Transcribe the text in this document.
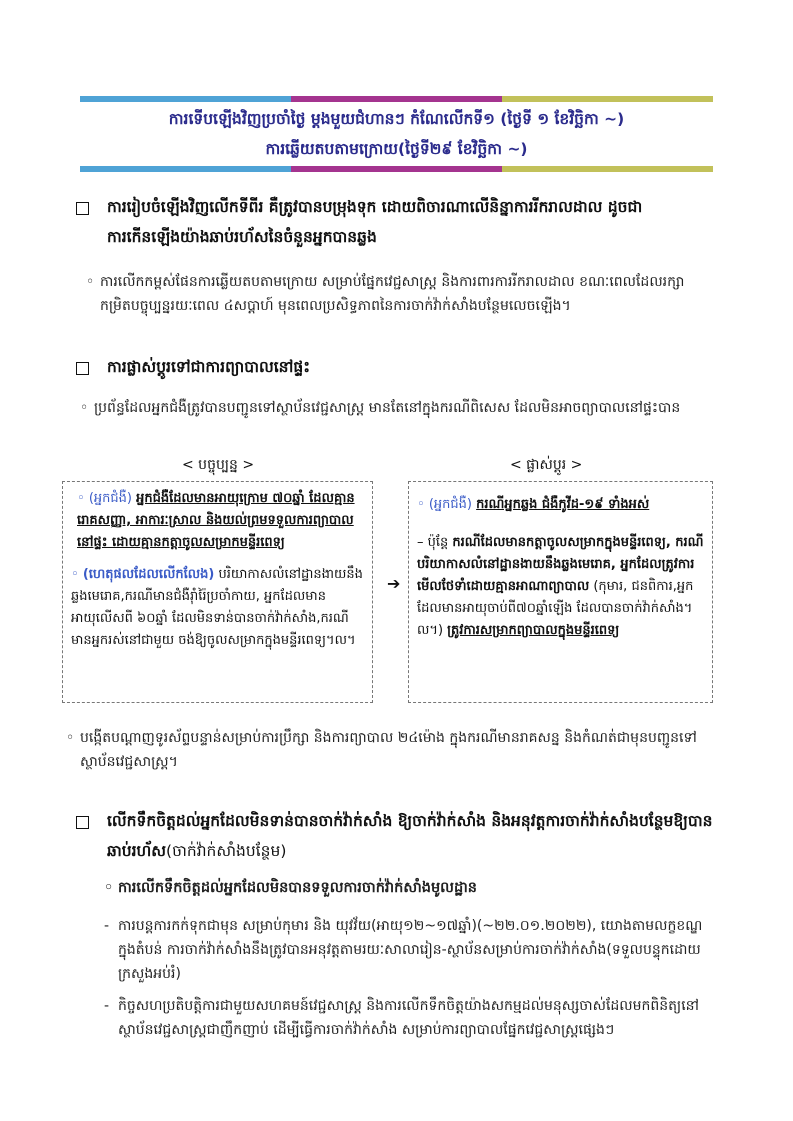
ការទេីបឡេីងវិញប្រចាំថ្ងៃ ម្ដងមួយជំហានៗ កំណែលេីកទី១ (ថ្ងៃទី ១ ខែវិច្ឆិកា ~)
ការឆ្លេីយតបតាមក្រោយ(ថ្ងៃទី២៩ ខែវិច្ឆិកា ~)
ការរៀបចំឡេីងវិញលេីកទីពីរ គឺត្រូវបានបម្រុងទុក ដោយពិចារណាលេីនិន្នាការរីករាលដាល ដូចជាការកេីនឡេីងយ៉ាងឆាប់រហ័សនៃចំនួនអ្នកបានឆ្លង
◦ ការលេីកកម្ពស់ផែនការឆ្លេីយតបតាមក្រោយ សម្រាប់ផ្នែកវេជ្ជសាស្ត្រ និងការពារការរីករាលដាល ខណៈពេលដែលរក្សាកម្រិតបច្ចុប្បន្នរយៈពេល ៤សប្ដាហ៍ មុនពេលប្រសិទ្ធភាពនៃការចាក់វ៉ាក់សាំងបន្ថែមលេចឡេីង។
ការផ្លាស់ប្ដូរទៅជាការព្យាបាលនៅផ្ទះ
◦ ប្រព័ន្ធដែលអ្នកជំងឺត្រូវបានបញ្ជូនទៅស្ថាប័នវេជ្ជសាស្ត្រ មានតែនៅក្នុងករណីពិសេស ដែលមិនអាចព្យាបាលនៅផ្ទះបាន
< បច្ចុប្បន្ន >	< ផ្លាស់ប្ដូរ >
◦ (អ្នកជំងឺ) អ្នកជំងឺដែលមានអាយុក្រោម ៧០ឆ្នាំ ដែលគ្មានរោគសញ្ញា, អាការៈស្រាល និងយល់ព្រមទទួលការព្យាបាលនៅផ្ទះ ដោយគ្មានកត្តាចូលសម្រាកមន្ទីរពេទ្យ
◦ (ហេតុផលដែលលើកលែង) បរិយាកាសលំនៅដ្ឋានងាយនឹងឆ្លងមេរោគ,ករណីមានជំងឺរ៉ាំរ៉ៃប្រចាំកាយ, អ្នកដែលមានអាយុលេីសពី ៦០ឆ្នាំ ដែលមិនទាន់បានចាក់វ៉ាក់សាំង,ករណីមានអ្នករស់នៅជាមួយ ចង់ឱ្យចូលសម្រាកក្នុងមន្ទីរពេទ្យ។ល។
➔
◦ (អ្នកជំងឺ) ករណីអ្នកឆ្លង ជំងឺកូវីដ-១៩ ទាំងអស់
– ប៉ុន្តែ ករណីដែលមានកត្តាចូលសម្រាកក្នុងមន្ទីរពេទ្យ, ករណីបរិយាកាសលំនៅដ្ឋានងាយនឹងឆ្លងមេរោគ, អ្នកដែលត្រូវការមេីលថែទាំដោយគ្មានអាណាព្យាបាល (កុមារ, ជនពិការ,អ្នកដែលមានអាយុចាប់ពី៧០ឆ្នាំឡេីង ដែលបានចាក់វ៉ាក់សាំង។ល។) ត្រូវការសម្រាកព្យាបាលក្នុងមន្ទីរពេទ្យ
◦ បង្កេីតបណ្ដាញទូរស័ព្ទបន្ទាន់សម្រាប់ការប្រឹក្សា និងការព្យាបាល ២៤ម៉ោង ក្នុងករណីមានរាគសន្ន និងកំណត់ជាមុនបញ្ជូនទៅស្ថាប័នវេជ្ជសាស្ត្រ។
លេីកទឹកចិត្តដល់អ្នកដែលមិនទាន់បានចាក់វ៉ាក់សាំង ឱ្យចាក់វ៉ាក់សាំង និងអនុវត្តការចាក់វ៉ាក់សាំងបន្ថែមឱ្យបានឆាប់រហ័ស(ចាក់វ៉ាក់សាំងបន្ថែម)
◦ ការលេីកទឹកចិត្តដល់អ្នកដែលមិនបានទទួលការចាក់វ៉ាក់សាំងមូលដ្ឋាន
- ការបន្តការកក់ទុកជាមុន សម្រាប់កុមារ និង យុវវ័យ(អាយុ១២~១៧ឆ្នាំ)(~២២.០១.២០២២), យោងតាមលក្ខខណ្ឌក្នុងតំបន់ ការចាក់វ៉ាក់សាំងនឹងត្រូវបានអនុវត្តតាមរយៈសាលារៀន-ស្ថាប័នសម្រាប់ការចាក់វ៉ាក់សាំង(ទទួលបន្ទុកដោយក្រសួងអប់រំ)
- កិច្ចសហប្រតិបត្តិការជាមួយសហគមន៍វេជ្ជសាស្ត្រ និងការលេីកទឹកចិត្តយ៉ាងសកម្មដល់មនុស្សចាស់ដែលមកពិនិត្យនៅស្ថាប័នវេជ្ជសាស្ត្រជាញឹកញាប់ ដេីម្បីធ្វេីការចាក់វ៉ាក់សាំង សម្រាប់ការព្យាបាលផ្នែកវេជ្ជសាស្ត្រផ្សេងៗ
